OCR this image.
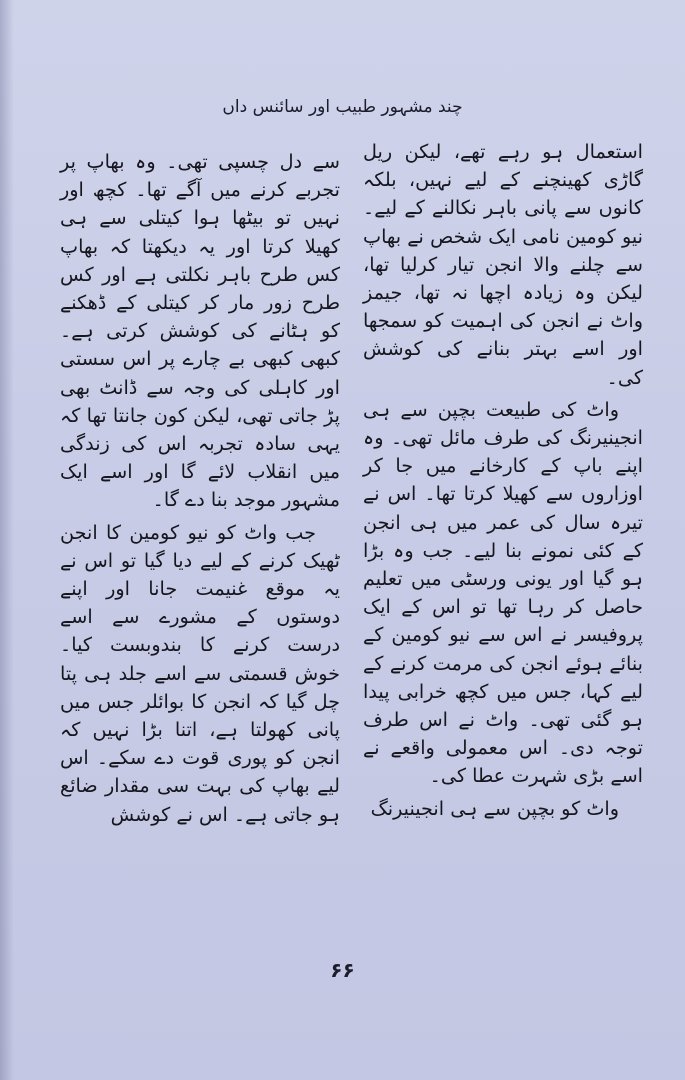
چند مشہور طبیب اور سائنس داں

استعمال ہو رہے تھے، لیکن ریل گاڑی کھینچنے کے لیے نہیں، بلکہ کانوں سے پانی باہر نکالنے کے لیے۔ نیو کومین نامی ایک شخص نے بھاپ سے چلنے والا انجن تیار کرلیا تھا، لیکن وہ زیادہ اچھا نہ تھا، جیمز واٹ نے انجن کی اہمیت کو سمجھا اور اسے بہتر بنانے کی کوشش کی۔

واٹ کی طبیعت بچپن سے ہی انجینیرنگ کی طرف مائل تھی۔ وہ اپنے باپ کے کارخانے میں جا کر اوزاروں سے کھیلا کرتا تھا۔ اس نے تیرہ سال کی عمر میں ہی انجن کے کئی نمونے بنا لیے۔ جب وہ بڑا ہو گیا اور یونی ورسٹی میں تعلیم حاصل کر رہا تھا تو اس کے ایک پروفیسر نے اس سے نیو کومین کے بنائے ہوئے انجن کی مرمت کرنے کے لیے کہا، جس میں کچھ خرابی پیدا ہو گئی تھی۔ واٹ نے اس طرف توجہ دی۔ اس معمولی واقعے نے اسے بڑی شہرت عطا کی۔

واٹ کو بچپن سے ہی انجینیرنگ

سے دل چسپی تھی۔ وہ بھاپ پر تجربے کرنے میں آگے تھا۔ کچھ اور نہیں تو بیٹھا ہوا کیتلی سے ہی کھیلا کرتا اور یہ دیکھتا کہ بھاپ کس طرح باہر نکلتی ہے اور کس طرح زور مار کر کیتلی کے ڈھکنے کو ہٹانے کی کوشش کرتی ہے۔ کبھی کبھی بے چارے پر اس سستی اور کاہلی کی وجہ سے ڈانٹ بھی پڑ جاتی تھی، لیکن کون جانتا تھا کہ یہی سادہ تجربہ اس کی زندگی میں انقلاب لائے گا اور اسے ایک مشہور موجد بنا دے گا۔

جب واٹ کو نیو کومین کا انجن ٹھیک کرنے کے لیے دیا گیا تو اس نے یہ موقع غنیمت جانا اور اپنے دوستوں کے مشورے سے اسے درست کرنے کا بندوبست کیا۔ خوش قسمتی سے اسے جلد ہی پتا چل گیا کہ انجن کا بوائلر جس میں پانی کھولتا ہے، اتنا بڑا نہیں کہ انجن کو پوری قوت دے سکے۔ اس لیے بھاپ کی بہت سی مقدار ضائع ہو جاتی ہے۔ اس نے کوشش

۶۶
